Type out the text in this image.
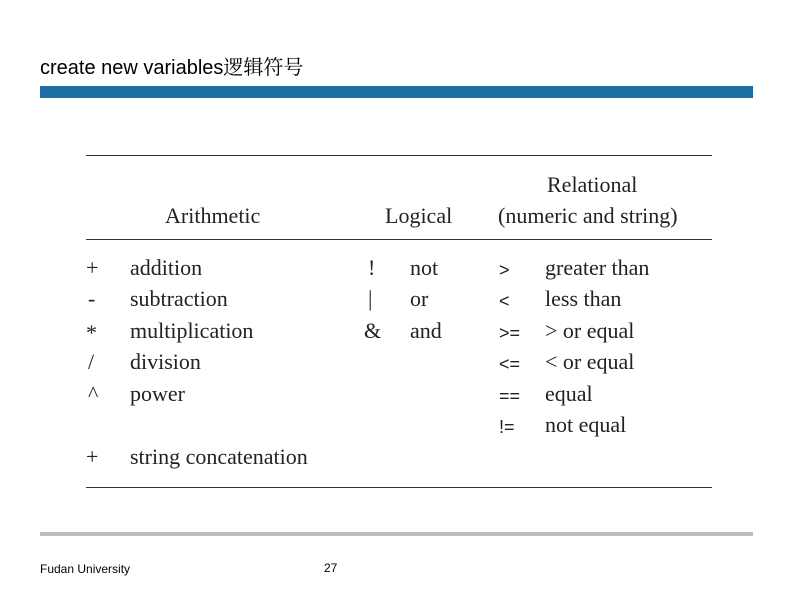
create new variables逻辑符号
Arithmetic	Logical
Relational
(numeric and string)
+ addition
- subtraction
* multiplication
/ division
^ power
+ string concatenation
! not
| or
& and
> greater than
< less than
>= > or equal
<= < or equal
== equal
!= not equal
Fudan University	27
